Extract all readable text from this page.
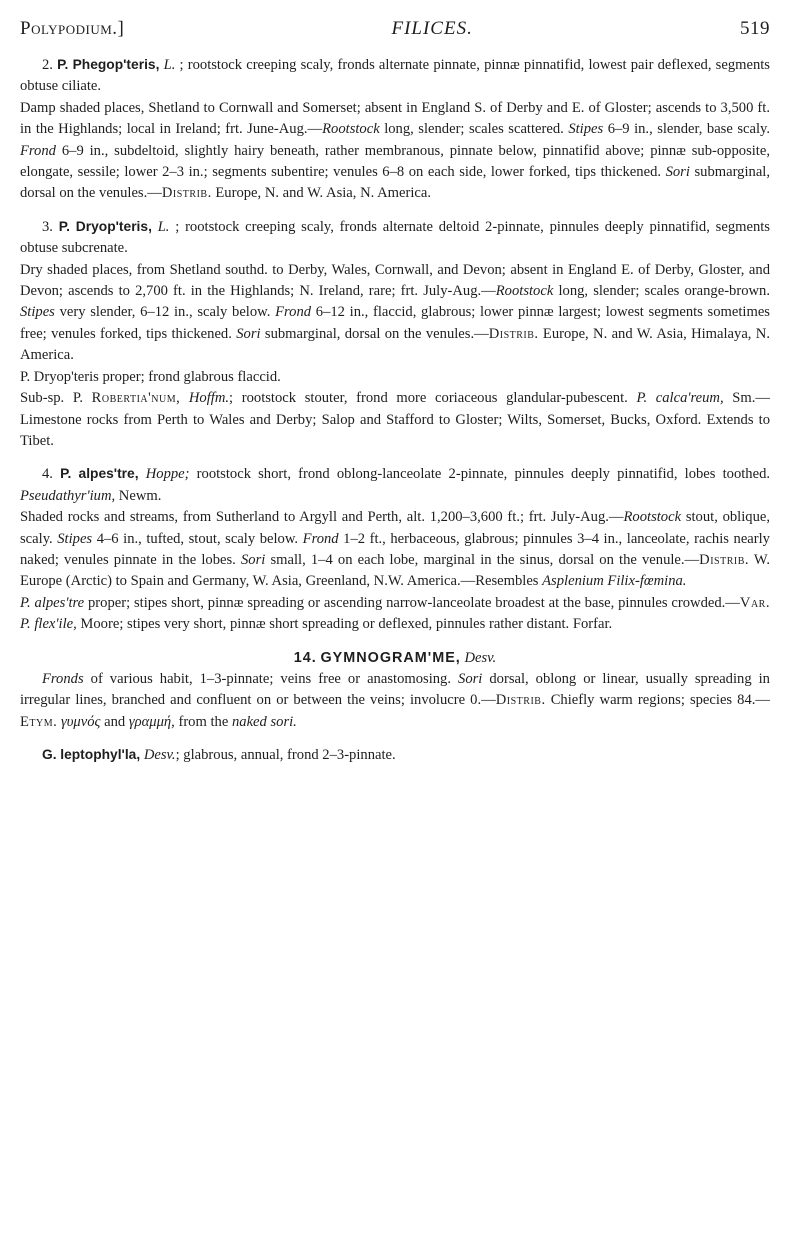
Polypodium.]	FILICES.	519

2. P. Phegop'teris, L. ; rootstock creeping scaly, fronds alternate pinnate, pinnæ pinnatifid, lowest pair deflexed, segments obtuse ciliate.

Damp shaded places, Shetland to Cornwall and Somerset; absent in England S. of Derby and E. of Gloster; ascends to 3,500 ft. in the Highlands; local in Ireland; frt. June-Aug.—Rootstock long, slender; scales scattered. Stipes 6–9 in., slender, base scaly. Frond 6–9 in., subdeltoid, slightly hairy beneath, rather membranous, pinnate below, pinnatifid above; pinnæ sub-opposite, elongate, sessile; lower 2–3 in.; segments subentire; venules 6–8 on each side, lower forked, tips thickened. Sori submarginal, dorsal on the venules.—Distrib. Europe, N. and W. Asia, N. America.

3. P. Dryop'teris, L. ; rootstock creeping scaly, fronds alternate deltoid 2-pinnate, pinnules deeply pinnatifid, segments obtuse subcrenate.

Dry shaded places, from Shetland southd. to Derby, Wales, Cornwall, and Devon; absent in England E. of Derby, Gloster, and Devon; ascends to 2,700 ft. in the Highlands; N. Ireland, rare; frt. July-Aug.—Rootstock long, slender; scales orange-brown. Stipes very slender, 6–12 in., scaly below. Frond 6–12 in., flaccid, glabrous; lower pinnæ largest; lowest segments sometimes free; venules forked, tips thickened. Sori submarginal, dorsal on the venules.—Distrib. Europe, N. and W. Asia, Himalaya, N. America.

P. Dryop'teris proper; frond glabrous flaccid.

Sub-sp. P. Robertia'num, Hoffm.; rootstock stouter, frond more coriaceous glandular-pubescent. P. calca'reum, Sm.—Limestone rocks from Perth to Wales and Derby; Salop and Stafford to Gloster; Wilts, Somerset, Bucks, Oxford. Extends to Tibet.

4. P. alpes'tre, Hoppe; rootstock short, frond oblong-lanceolate 2-pinnate, pinnules deeply pinnatifid, lobes toothed. Pseudathyr'ium, Newm.

Shaded rocks and streams, from Sutherland to Argyll and Perth, alt. 1,200–3,600 ft.; frt. July-Aug.—Rootstock stout, oblique, scaly. Stipes 4–6 in., tufted, stout, scaly below. Frond 1–2 ft., herbaceous, glabrous; pinnules 3–4 in., lanceolate, rachis nearly naked; venules pinnate in the lobes. Sori small, 1–4 on each lobe, marginal in the sinus, dorsal on the venule.—Distrib. W. Europe (Arctic) to Spain and Germany, W. Asia, Greenland, N.W. America.—Resembles Asplenium Filix-fœmina.

P. alpes'tre proper; stipes short, pinnæ spreading or ascending narrow-lanceolate broadest at the base, pinnules crowded.—Var. P. flex'ile, Moore; stipes very short, pinnæ short spreading or deflexed, pinnules rather distant. Forfar.

14. GYMNOGRAM'ME, Desv.

Fronds of various habit, 1–3-pinnate; veins free or anastomosing. Sori dorsal, oblong or linear, usually spreading in irregular lines, branched and confluent on or between the veins; involucre 0.—Distrib. Chiefly warm regions; species 84.—Etym. γυμνός and γραμμή, from the naked sori.

G. leptophyl'la, Desv.; glabrous, annual, frond 2–3-pinnate.
